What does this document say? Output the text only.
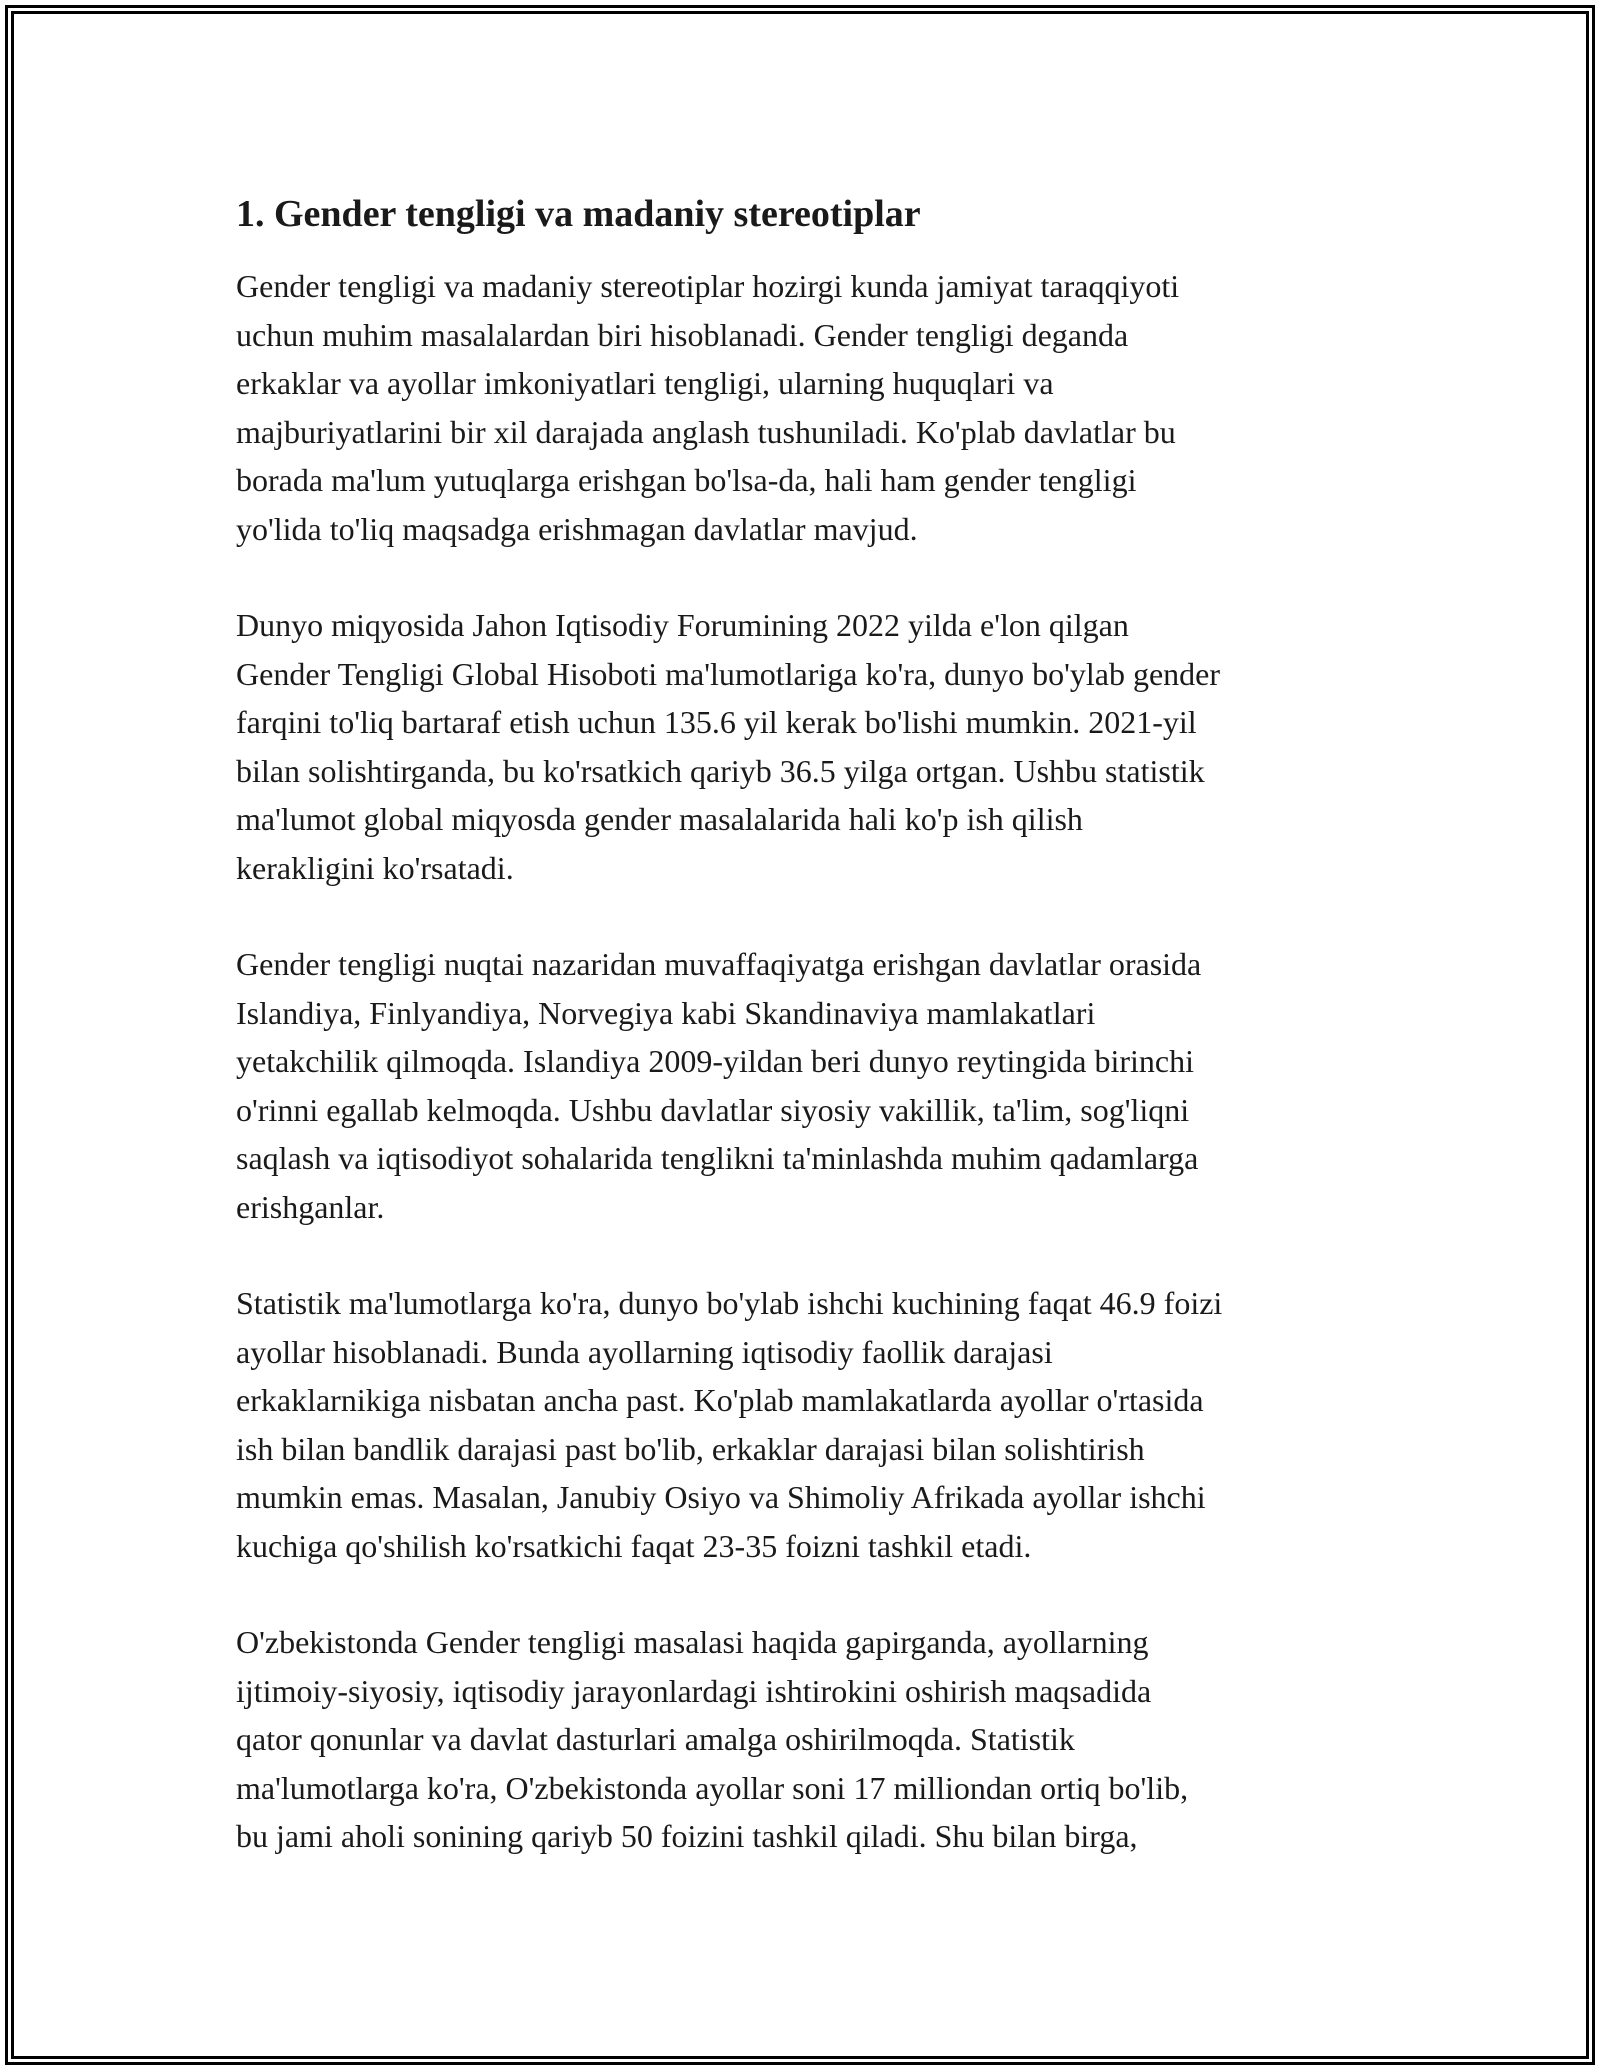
1. Gender tengligi va madaniy stereotiplar

Gender tengligi va madaniy stereotiplar hozirgi kunda jamiyat taraqqiyoti
uchun muhim masalalardan biri hisoblanadi. Gender tengligi deganda
erkaklar va ayollar imkoniyatlari tengligi, ularning huquqlari va
majburiyatlarini bir xil darajada anglash tushuniladi. Ko'plab davlatlar bu
borada ma'lum yutuqlarga erishgan bo'lsa-da, hali ham gender tengligi
yo'lida to'liq maqsadga erishmagan davlatlar mavjud.

Dunyo miqyosida Jahon Iqtisodiy Forumining 2022 yilda e'lon qilgan
Gender Tengligi Global Hisoboti ma'lumotlariga ko'ra, dunyo bo'ylab gender
farqini to'liq bartaraf etish uchun 135.6 yil kerak bo'lishi mumkin. 2021-yil
bilan solishtirganda, bu ko'rsatkich qariyb 36.5 yilga ortgan. Ushbu statistik
ma'lumot global miqyosda gender masalalarida hali ko'p ish qilish
kerakligini ko'rsatadi.

Gender tengligi nuqtai nazaridan muvaffaqiyatga erishgan davlatlar orasida
Islandiya, Finlyandiya, Norvegiya kabi Skandinaviya mamlakatlari
yetakchilik qilmoqda. Islandiya 2009-yildan beri dunyo reytingida birinchi
o'rinni egallab kelmoqda. Ushbu davlatlar siyosiy vakillik, ta'lim, sog'liqni
saqlash va iqtisodiyot sohalarida tenglikni ta'minlashda muhim qadamlarga
erishganlar.

Statistik ma'lumotlarga ko'ra, dunyo bo'ylab ishchi kuchining faqat 46.9 foizi
ayollar hisoblanadi. Bunda ayollarning iqtisodiy faollik darajasi
erkaklarnikiga nisbatan ancha past. Ko'plab mamlakatlarda ayollar o'rtasida
ish bilan bandlik darajasi past bo'lib, erkaklar darajasi bilan solishtirish
mumkin emas. Masalan, Janubiy Osiyo va Shimoliy Afrikada ayollar ishchi
kuchiga qo'shilish ko'rsatkichi faqat 23-35 foizni tashkil etadi.

O'zbekistonda Gender tengligi masalasi haqida gapirganda, ayollarning
ijtimoiy-siyosiy, iqtisodiy jarayonlardagi ishtirokini oshirish maqsadida
qator qonunlar va davlat dasturlari amalga oshirilmoqda. Statistik
ma'lumotlarga ko'ra, O'zbekistonda ayollar soni 17 milliondan ortiq bo'lib,
bu jami aholi sonining qariyb 50 foizini tashkil qiladi. Shu bilan birga,
